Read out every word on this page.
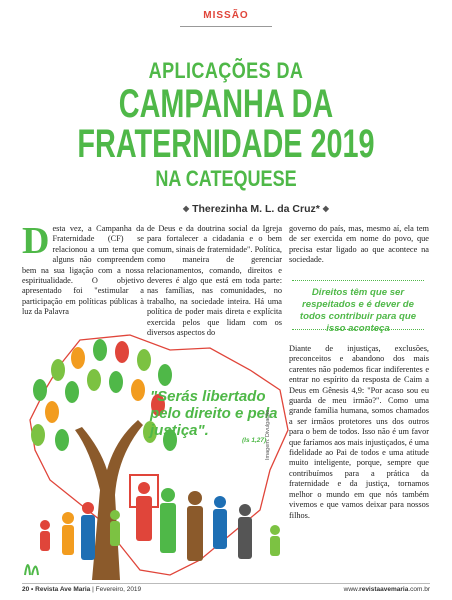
MISSÃO
APLICAÇÕES DA
CAMPANHA DA
FRATERNIDADE 2019
NA CATEQUESE
◆ Therezinha M. L. da Cruz* ◆
Desta vez, a Campanha da Fraternidade (CF) se relacionou a um tema que alguns não compreendem bem na sua ligação com a nossa espiritualidade. O objetivo apresentado foi "estimular a participação em políticas públicas à luz da Palavra
de Deus e da doutrina social da Igreja para fortalecer a cidadania e o bem comum, sinais de fraternidade". Política, como maneira de gerenciar relacionamentos, comando, direitos e deveres é algo que está em toda parte: nas famílias, nas comunidades, no trabalho, na sociedade inteira. Há uma política de poder mais direta e explícita exercida pelos que lidam com os diversos aspectos do
governo do país, mas, mesmo aí, ela tem de ser exercida em nome do povo, que precisa estar ligado ao que acontece na sociedade.
Direitos têm que ser respeitados e é dever de todos contribuir para que isso aconteça
Diante de injustiças, exclusões, preconceitos e abandono dos mais carentes não podemos ficar indiferentes e entrar no espírito da resposta de Caim a Deus em Gênesis 4,9: "Por acaso sou eu guarda de meu irmão?". Como uma grande família humana, somos chamados a ser irmãos protetores uns dos outros para o bem de todos. Isso não é um favor que faríamos aos mais injustiçados, é uma fidelidade ao Pai de todos e uma atitude muito inteligente, porque, sempre que contribuímos para a prática da fraternidade e da justiça, tornamos melhor o mundo em que nós também vivemos e que vamos deixar para nossos filhos.
"Serás libertado pelo direito e pela justiça".
(Is 1,27)
Imagem: Divulgação
20 • Revista Ave Maria | Fevereiro, 2019	www.revistaavemaria.com.br
